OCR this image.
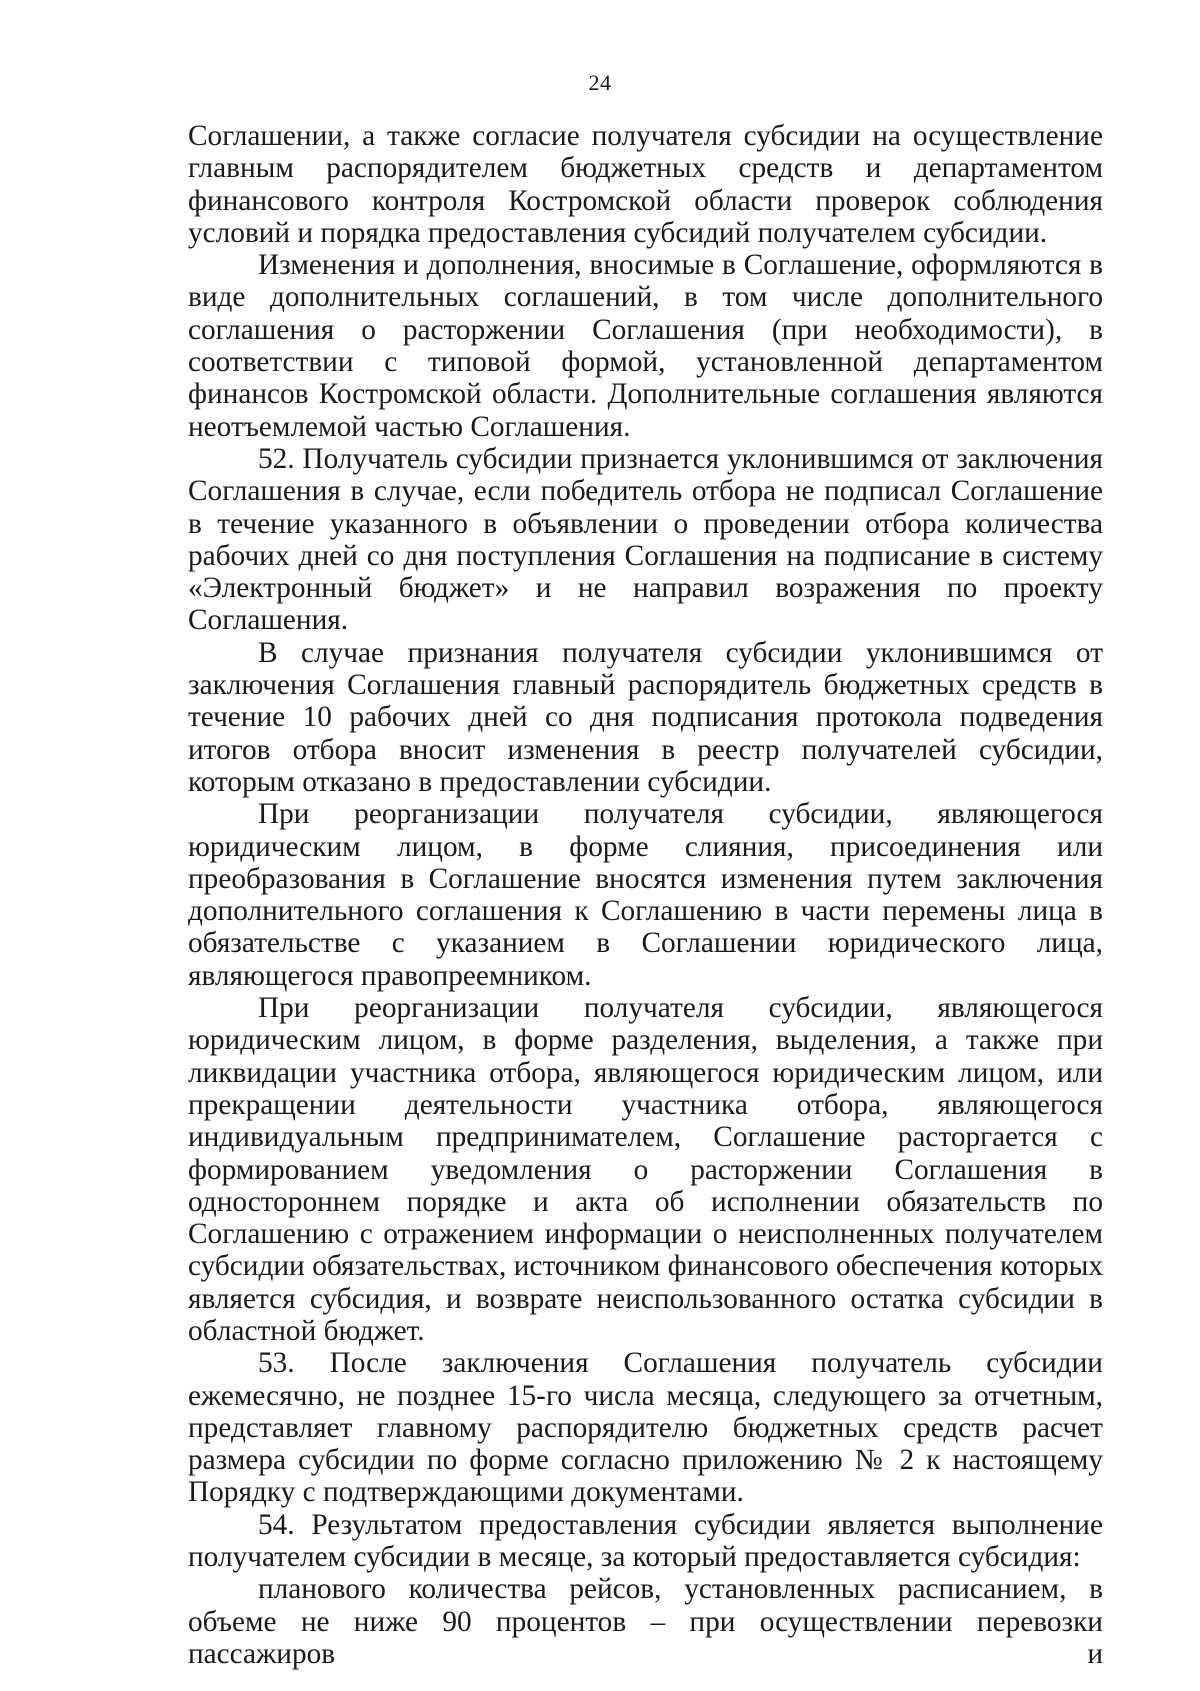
24

Соглашении, а также согласие получателя субсидии на осуществление главным распорядителем бюджетных средств и департаментом финансового контроля Костромской области проверок соблюдения условий и порядка предоставления субсидий получателем субсидии.

Изменения и дополнения, вносимые в Соглашение, оформляются в виде дополнительных соглашений, в том числе дополнительного соглашения о расторжении Соглашения (при необходимости), в соответствии с типовой формой, установленной департаментом финансов Костромской области. Дополнительные соглашения являются неотъемлемой частью Соглашения.

52. Получатель субсидии признается уклонившимся от заключения Соглашения в случае, если победитель отбора не подписал Соглашение в течение указанного в объявлении о проведении отбора количества рабочих дней со дня поступления Соглашения на подписание в систему «Электронный бюджет» и не направил возражения по проекту Соглашения.

В случае признания получателя субсидии уклонившимся от заключения Соглашения главный распорядитель бюджетных средств в течение 10 рабочих дней со дня подписания протокола подведения итогов отбора вносит изменения в реестр получателей субсидии, которым отказано в предоставлении субсидии.

При реорганизации получателя субсидии, являющегося юридическим лицом, в форме слияния, присоединения или преобразования в Соглашение вносятся изменения путем заключения дополнительного соглашения к Соглашению в части перемены лица в обязательстве с указанием в Соглашении юридического лица, являющегося правопреемником.

При реорганизации получателя субсидии, являющегося юридическим лицом, в форме разделения, выделения, а также при ликвидации участника отбора, являющегося юридическим лицом, или прекращении деятельности участника отбора, являющегося индивидуальным предпринимателем, Соглашение расторгается с формированием уведомления о расторжении Соглашения в одностороннем порядке и акта об исполнении обязательств по Соглашению с отражением информации о неисполненных получателем субсидии обязательствах, источником финансового обеспечения которых является субсидия, и возврате неиспользованного остатка субсидии в областной бюджет.

53. После заключения Соглашения получатель субсидии ежемесячно, не позднее 15-го числа месяца, следующего за отчетным, представляет главному распорядителю бюджетных средств расчет размера субсидии по форме согласно приложению № 2 к настоящему Порядку с подтверждающими документами.

54. Результатом предоставления субсидии является выполнение получателем субсидии в месяце, за который предоставляется субсидия:

планового количества рейсов, установленных расписанием, в объеме не ниже 90 процентов – при осуществлении перевозки пассажиров и
